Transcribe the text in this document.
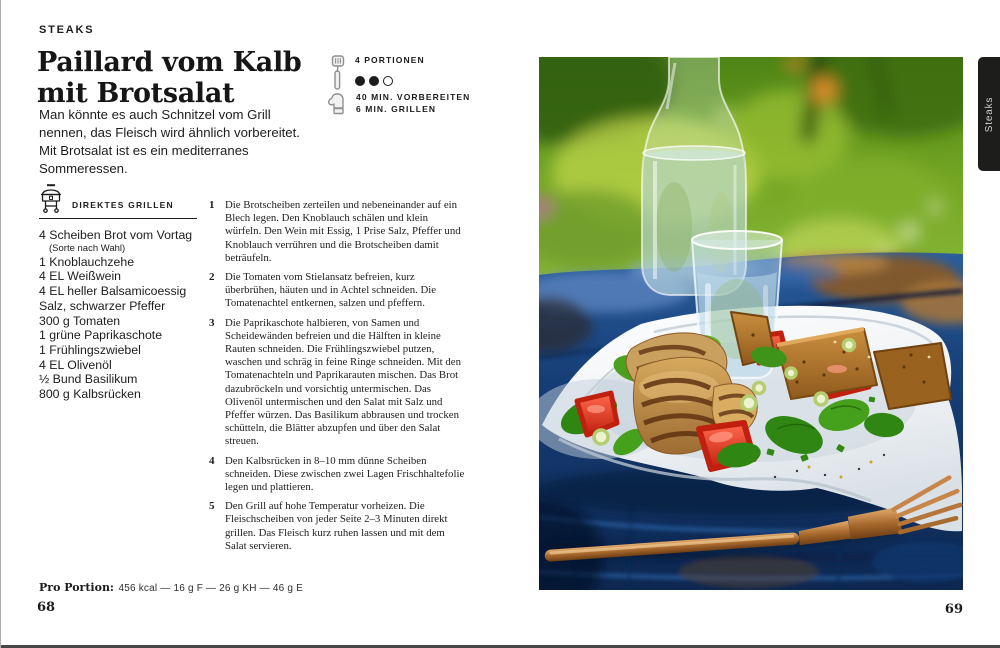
STEAKS
Paillard vom Kalb
mit Brotsalat

Man könnte es auch Schnitzel vom Grill nennen, das Fleisch wird ähnlich vorbereitet. Mit Brotsalat ist es ein mediterranes Sommeressen.

4 PORTIONEN
40 MIN. VORBEREITEN
6 MIN. GRILLEN
DIREKTES GRILLEN
4 Scheiben Brot vom Vortag
(Sorte nach Wahl)
1 Knoblauchzehe
4 EL Weißwein
4 EL heller Balsamicoessig
Salz, schwarzer Pfeffer
300 g Tomaten
1 grüne Paprikaschote
1 Frühlingszwiebel
4 EL Olivenöl
½ Bund Basilikum
800 g Kalbsrücken
1 Die Brotscheiben zerteilen und nebeneinander auf ein Blech legen. Den Knoblauch schälen und klein würfeln. Den Wein mit Essig, 1 Prise Salz, Pfeffer und Knoblauch verrühren und die Brotscheiben damit beträufeln.
2 Die Tomaten vom Stielansatz befreien, kurz überbrühen, häuten und in Achtel schneiden. Die Tomatenachtel entkernen, salzen und pfeffern.
3 Die Paprikaschote halbieren, von Samen und Scheidewänden befreien und die Hälften in kleine Rauten schneiden. Die Frühlingszwiebel putzen, waschen und schräg in feine Ringe schneiden. Mit den Tomatenachteln und Paprikarauten mischen. Das Brot dazubröckeln und vorsichtig untermischen. Das Olivenöl untermischen und den Salat mit Salz und Pfeffer würzen. Das Basilikum abbrausen und trocken schütteln, die Blätter abzupfen und über den Salat streuen.
4 Den Kalbsrücken in 8–10 mm dünne Scheiben schneiden. Diese zwischen zwei Lagen Frischhaltefolie legen und plattieren.
5 Den Grill auf hohe Temperatur vorheizen. Die Fleischscheiben von jeder Seite 2–3 Minuten direkt grillen. Das Fleisch kurz ruhen lassen und mit dem Salat servieren.
Pro Portion: 456 kcal — 16 g F — 26 g KH — 46 g E
68	69
Steaks
